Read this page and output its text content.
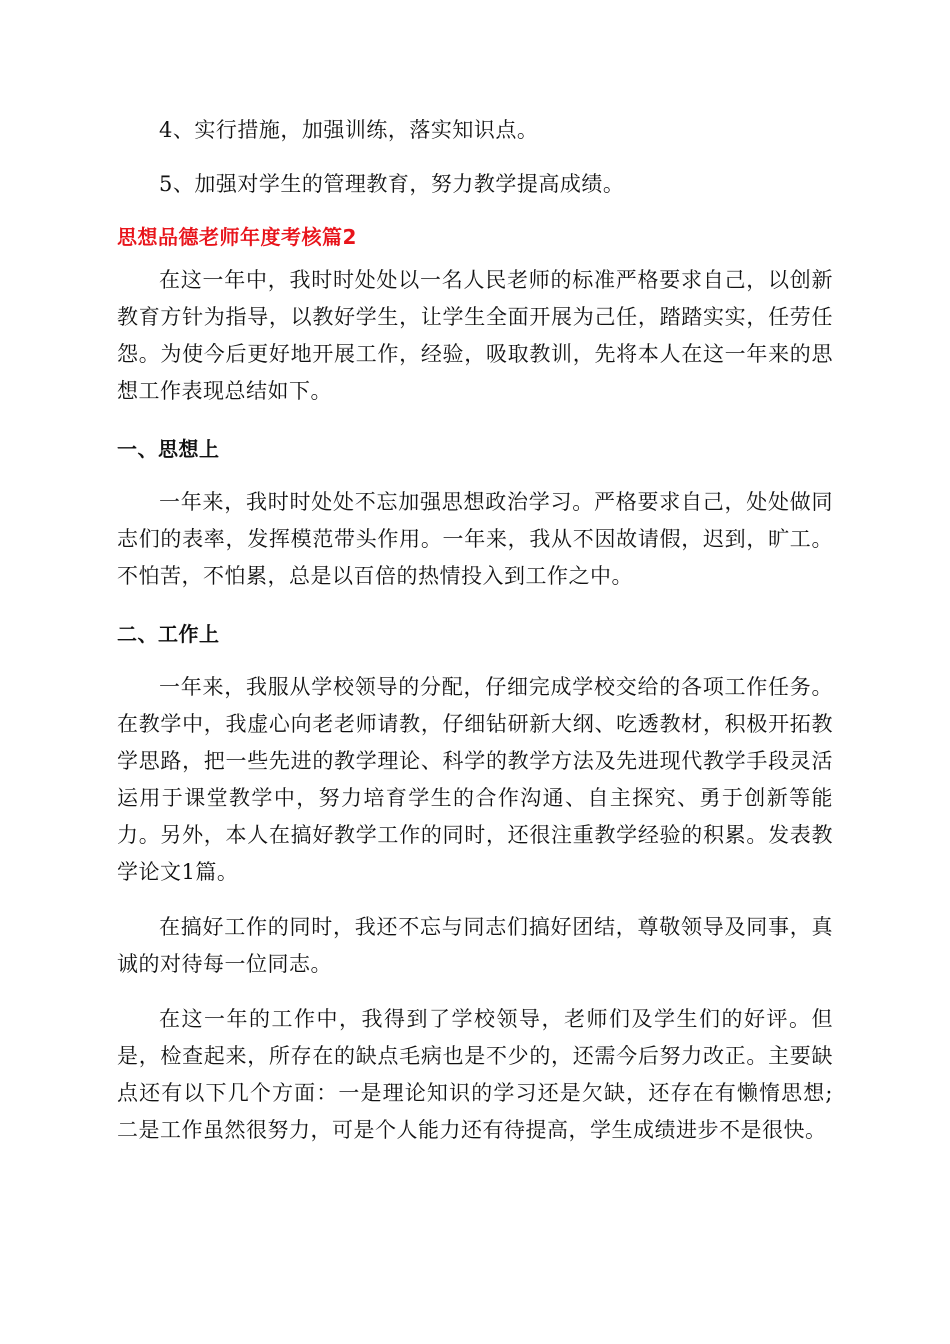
4、实行措施，加强训练，落实知识点。

5、加强对学生的管理教育，努力教学提高成绩。

思想品德老师年度考核篇2

在这一年中，我时时处处以一名人民老师的标准严格要求自己，以创新教育方针为指导，以教好学生，让学生全面开展为己任，踏踏实实，任劳任怨。为使今后更好地开展工作，经验，吸取教训，先将本人在这一年来的思想工作表现总结如下。

一、思想上

一年来，我时时处处不忘加强思想政治学习。严格要求自己，处处做同志们的表率，发挥模范带头作用。一年来，我从不因故请假，迟到，旷工。不怕苦，不怕累，总是以百倍的热情投入到工作之中。

二、工作上

一年来，我服从学校领导的分配，仔细完成学校交给的各项工作任务。在教学中，我虚心向老老师请教，仔细钻研新大纲、吃透教材，积极开拓教学思路，把一些先进的教学理论、科学的教学方法及先进现代教学手段灵活运用于课堂教学中，努力培育学生的合作沟通、自主探究、勇于创新等能力。另外，本人在搞好教学工作的同时，还很注重教学经验的积累。发表教学论文1篇。

在搞好工作的同时，我还不忘与同志们搞好团结，尊敬领导及同事，真诚的对待每一位同志。

在这一年的工作中，我得到了学校领导，老师们及学生们的好评。但是，检查起来，所存在的缺点毛病也是不少的，还需今后努力改正。主要缺点还有以下几个方面：一是理论知识的学习还是欠缺，还存在有懒惰思想;二是工作虽然很努力，可是个人能力还有待提高，学生成绩进步不是很快。
